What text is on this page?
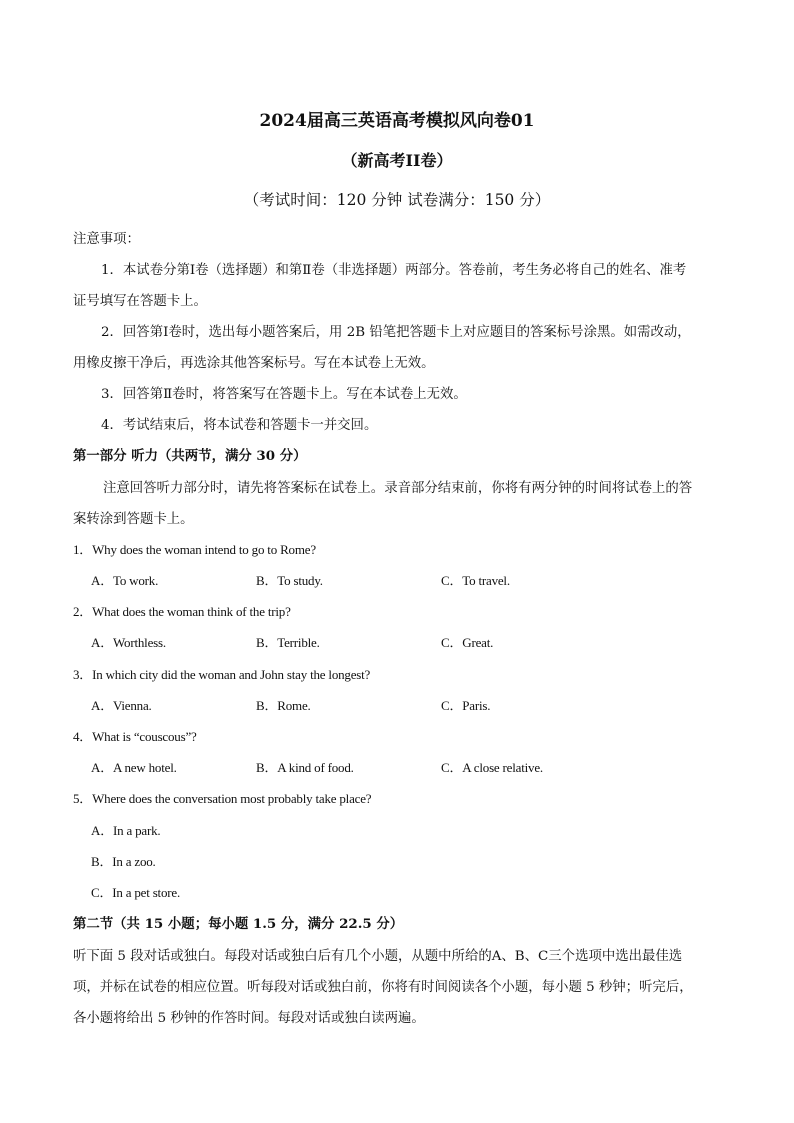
2024届高三英语高考模拟风向卷01
（新高考II卷）
（考试时间：120 分钟 试卷满分：150 分）
注意事项：
1．本试卷分第Ⅰ卷（选择题）和第Ⅱ卷（非选择题）两部分。答卷前，考生务必将自己的姓名、准考
证号填写在答题卡上。
2．回答第Ⅰ卷时，选出每小题答案后，用 2B 铅笔把答题卡上对应题目的答案标号涂黑。如需改动，
用橡皮擦干净后，再选涂其他答案标号。写在本试卷上无效。
3．回答第Ⅱ卷时，将答案写在答题卡上。写在本试卷上无效。
4．考试结束后，将本试卷和答题卡一并交回。
第一部分 听力（共两节，满分 30 分）
注意回答听力部分时，请先将答案标在试卷上。录音部分结束前，你将有两分钟的时间将试卷上的答
案转涂到答题卡上。
1．Why does the woman intend to go to Rome?
A．To work.	B．To study.	C．To travel.
2．What does the woman think of the trip?
A．Worthless.	B．Terrible.	C．Great.
3．In which city did the woman and John stay the longest?
A．Vienna.	B．Rome.	C．Paris.
4．What is “couscous”?
A．A new hotel.	B．A kind of food.	C．A close relative.
5．Where does the conversation most probably take place?
A．In a park.
B．In a zoo.
C．In a pet store.
第二节（共 15 小题；每小题 1.5 分，满分 22.5 分）
听下面 5 段对话或独白。每段对话或独白后有几个小题，从题中所给的A、B、C三个选项中选出最佳选
项，并标在试卷的相应位置。听每段对话或独白前，你将有时间阅读各个小题，每小题 5 秒钟；听完后，
各小题将给出 5 秒钟的作答时间。每段对话或独白读两遍。
